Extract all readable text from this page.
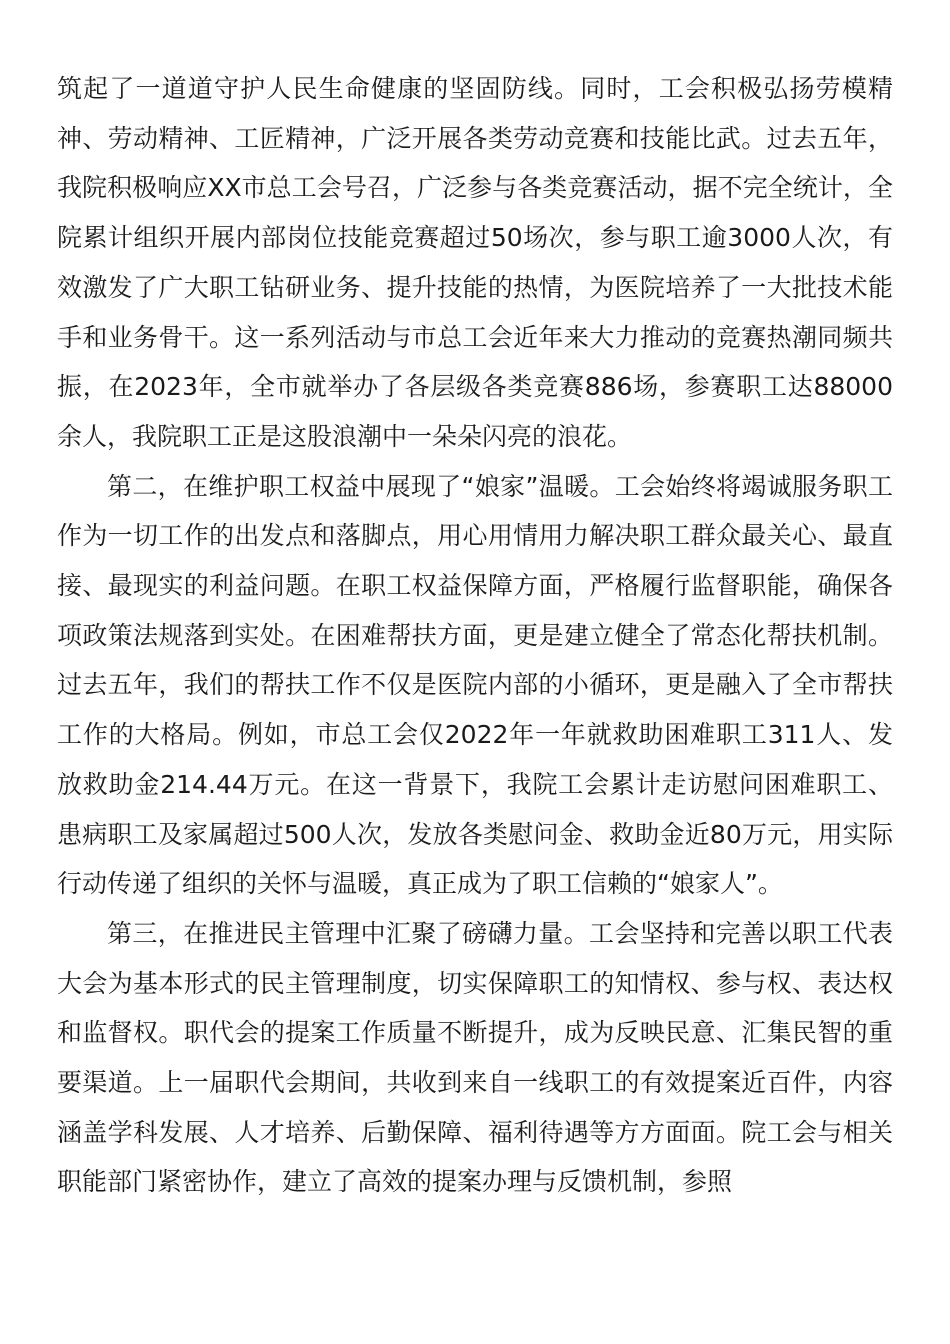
筑起了一道道守护人民生命健康的坚固防线。同时，工会积极弘扬劳模精神、劳动精神、工匠精神，广泛开展各类劳动竞赛和技能比武。过去五年，我院积极响应XX市总工会号召，广泛参与各类竞赛活动，据不完全统计，全院累计组织开展内部岗位技能竞赛超过50场次，参与职工逾3000人次，有效激发了广大职工钻研业务、提升技能的热情，为医院培养了一大批技术能手和业务骨干。这一系列活动与市总工会近年来大力推动的竞赛热潮同频共振，在2023年，全市就举办了各层级各类竞赛886场，参赛职工达88000余人，我院职工正是这股浪潮中一朵朵闪亮的浪花。

第二，在维护职工权益中展现了“娘家”温暖。工会始终将竭诚服务职工作为一切工作的出发点和落脚点，用心用情用力解决职工群众最关心、最直接、最现实的利益问题。在职工权益保障方面，严格履行监督职能，确保各项政策法规落到实处。在困难帮扶方面，更是建立健全了常态化帮扶机制。过去五年，我们的帮扶工作不仅是医院内部的小循环，更是融入了全市帮扶工作的大格局。例如，市总工会仅2022年一年就救助困难职工311人、发放救助金214.44万元。在这一背景下，我院工会累计走访慰问困难职工、患病职工及家属超过500人次，发放各类慰问金、救助金近80万元，用实际行动传递了组织的关怀与温暖，真正成为了职工信赖的“娘家人”。

第三，在推进民主管理中汇聚了磅礴力量。工会坚持和完善以职工代表大会为基本形式的民主管理制度，切实保障职工的知情权、参与权、表达权和监督权。职代会的提案工作质量不断提升，成为反映民意、汇集民智的重要渠道。上一届职代会期间，共收到来自一线职工的有效提案近百件，内容涵盖学科发展、人才培养、后勤保障、福利待遇等方方面面。院工会与相关职能部门紧密协作，建立了高效的提案办理与反馈机制，参照
